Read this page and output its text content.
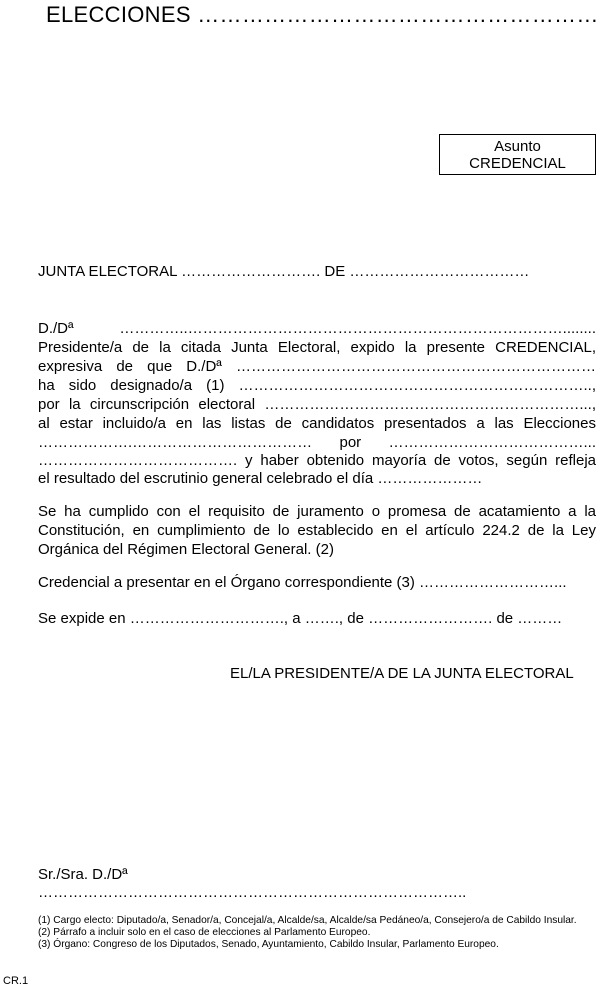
ELECCIONES ………………………………………………
Asunto
CREDENCIAL
JUNTA ELECTORAL ………………………. DE ………………………………
D./Dª …………..…………………………………………………………………........
Presidente/a de la citada Junta Electoral, expido la presente CREDENCIAL,
expresiva de que D./Dª ………………………………………………………………
ha sido designado/a (1) ……………………………………………………………..,
por la circunscripción electoral ………………………………………………………...,
al estar incluido/a en las listas de candidatos presentados a las Elecciones
……………….……………………………… por …………………………………...
…………………………………. y haber obtenido mayoría de votos, según refleja
el resultado del escrutinio general celebrado el día …………………
Se ha cumplido con el requisito de juramento o promesa de acatamiento a la
Constitución, en cumplimiento de lo establecido en el artículo 224.2 de la Ley
Orgánica del Régimen Electoral General. (2)
Credencial a presentar en el Órgano correspondiente (3) ………………………...
Se expide en …………………………., a ……., de ……………………. de ………
EL/LA PRESIDENTE/A DE LA JUNTA ELECTORAL
Sr./Sra. D./Dª
…………………………………………………………………………..
(1) Cargo electo: Diputado/a, Senador/a, Concejal/a, Alcalde/sa, Alcalde/sa Pedáneo/a, Consejero/a de Cabildo Insular.
(2) Párrafo a incluir solo en el caso de elecciones al Parlamento Europeo.
(3) Órgano: Congreso de los Diputados, Senado, Ayuntamiento, Cabildo Insular, Parlamento Europeo.
CR.1
